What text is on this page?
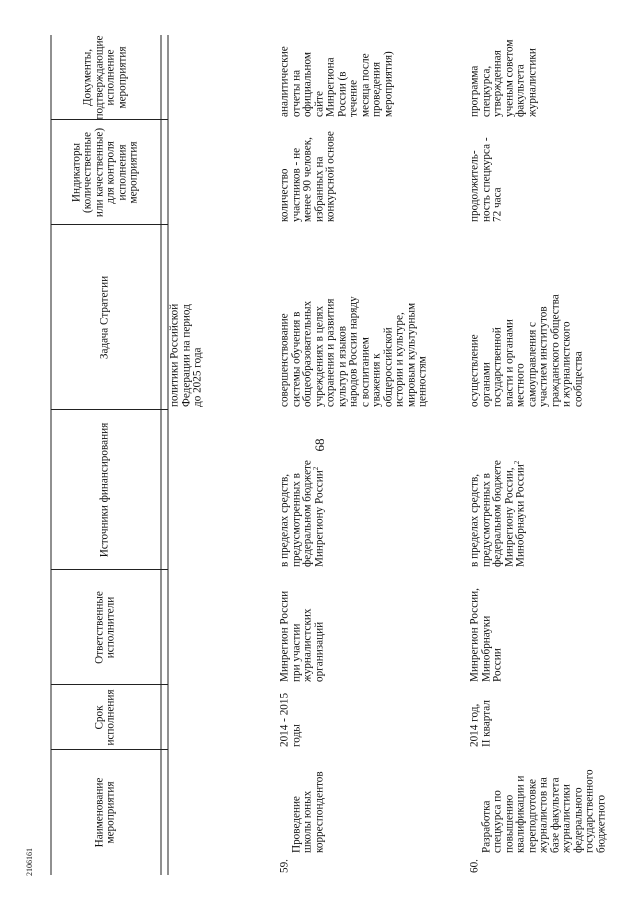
68
2106161
Наименование мероприятия
Срок исполнения
Ответственные исполнители
Источники финансирования
Задача Стратегии
Индикаторы (количественные или качественные) для контроля исполнения мероприятия
Документы, подтверждающие исполнение мероприятия
политики Российской
Федерации на период
до 2025 года

59.
Проведение
школы юных
корреспондентов

2014 - 2015
годы
Минрегион России
при участии
журналистских
организаций
в пределах средств,
предусмотренных в
федеральном бюджете
Минрегиону России$^2$
совершенствование
системы обучения в
общеобразовательных
учреждениях в целях
сохранения и развития
культур и языков
народов России наряду
с воспитанием
уважения к
общероссийской
истории и культуре,
мировым культурным
ценностям
количество
участников - не
менее 90 человек,
избранных на
конкурсной основе
аналитические
отчеты на
официальном
сайте
Минрегиона
России (в течение
месяца после
проведения
мероприятия)

60.
Разработка
спецкурса по
повышению
квалификации и
переподготовке
журналистов на
базе факультета
журналистики
федерального
государственного
бюджетного

2014 год,
II квартал
Минрегион России,
Минобрнауки
России
в пределах средств,
предусмотренных в
федеральном бюджете
Минрегиону России,
Минобрнауки России$^2$
осуществление
органами
государственной
власти и органами
местного
самоуправления с
участием институтов
гражданского общества
и журналистского
сообщества
продолжитель-
ность спецкурса -
72 часа
программа
спецкурса,
утвержденная
ученым советом
факультета
журналистики
